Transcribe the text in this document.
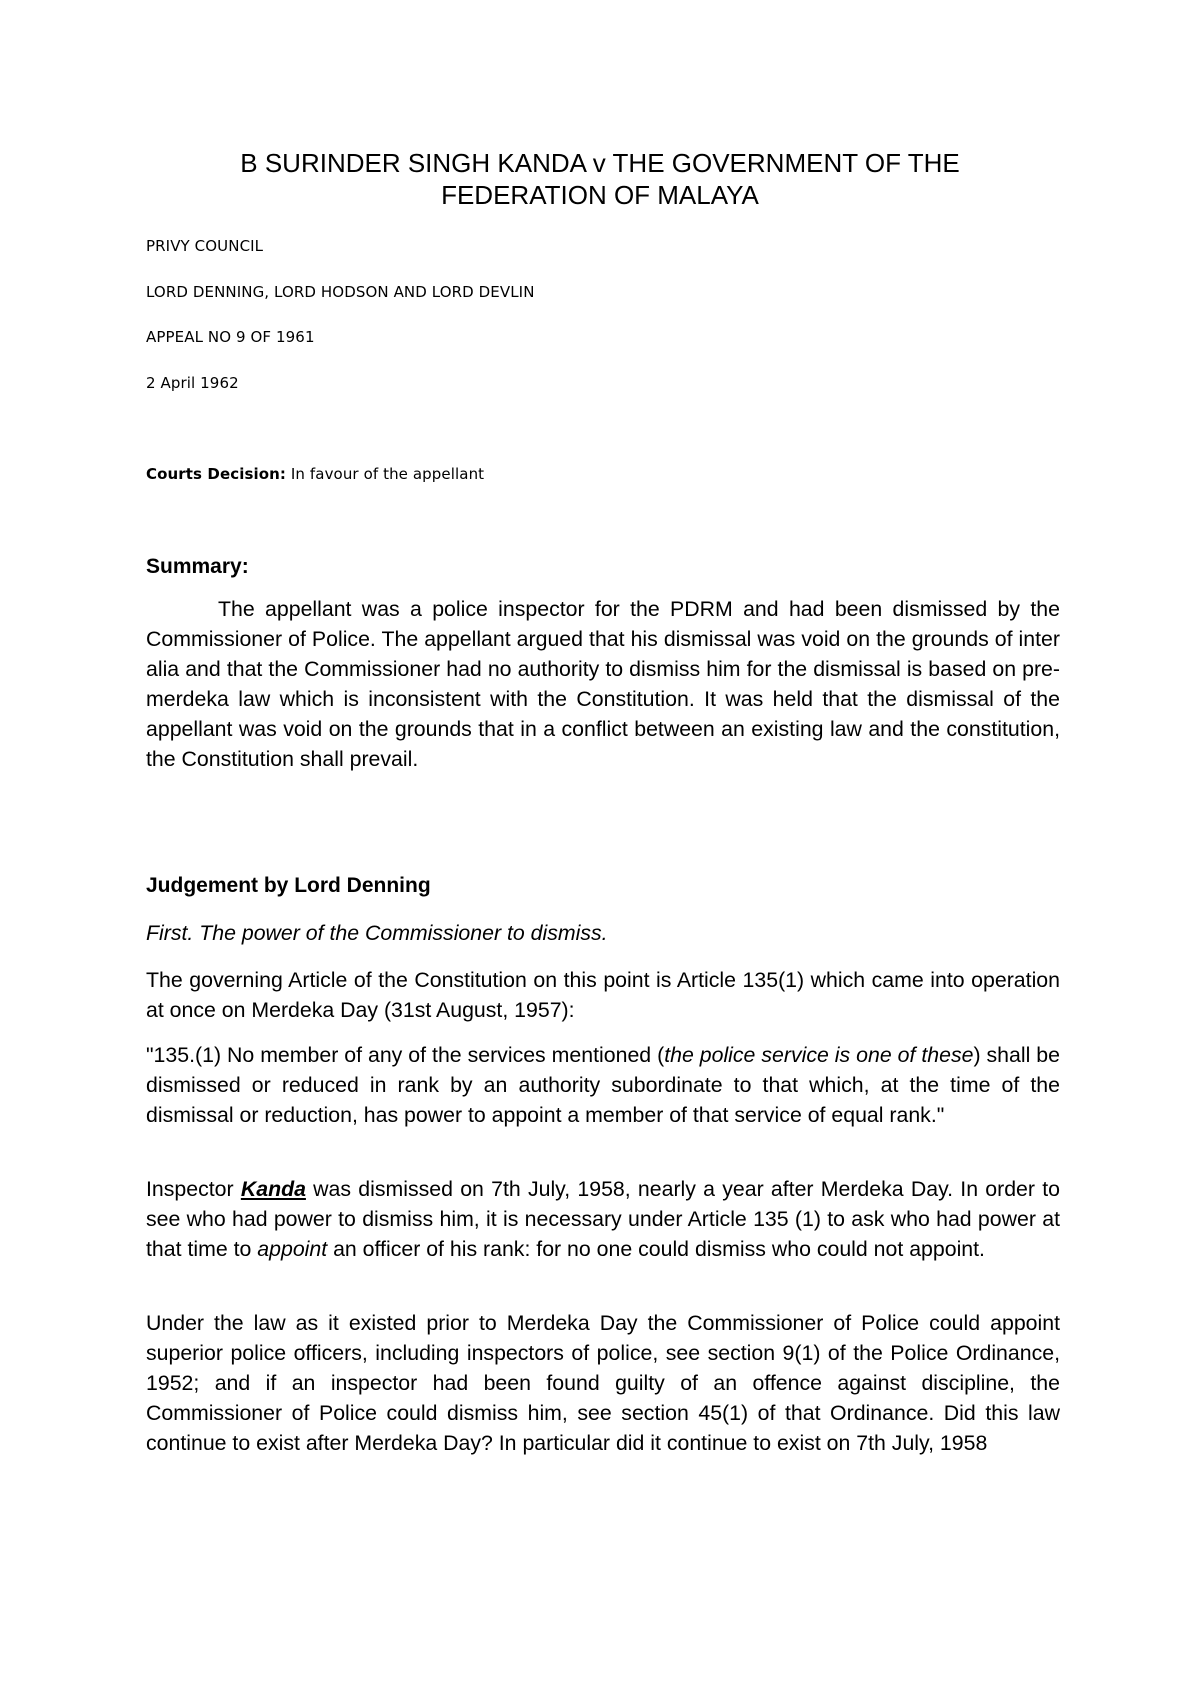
B SURINDER SINGH KANDA v THE GOVERNMENT OF THE
FEDERATION OF MALAYA
PRIVY COUNCIL
LORD DENNING, LORD HODSON AND LORD DEVLIN
APPEAL NO 9 OF 1961
2 April 1962
Courts Decision: In favour of the appellant
Summary:
The appellant was a police inspector for the PDRM and had been dismissed by the Commissioner of Police. The appellant argued that his dismissal was void on the grounds of inter alia and that the Commissioner had no authority to dismiss him for the dismissal is based on pre-merdeka law which is inconsistent with the Constitution. It was held that the dismissal of the appellant was void on the grounds that in a conflict between an existing law and the constitution, the Constitution shall prevail.
Judgement by Lord Denning
First. The power of the Commissioner to dismiss.
The governing Article of the Constitution on this point is Article 135(1) which came into operation at once on Merdeka Day (31st August, 1957):
"135.(1) No member of any of the services mentioned (the police service is one of these) shall be dismissed or reduced in rank by an authority subordinate to that which, at the time of the dismissal or reduction, has power to appoint a member of that service of equal rank."
Inspector Kanda was dismissed on 7th July, 1958, nearly a year after Merdeka Day. In order to see who had power to dismiss him, it is necessary under Article 135 (1) to ask who had power at that time to appoint an officer of his rank: for no one could dismiss who could not appoint.
Under the law as it existed prior to Merdeka Day the Commissioner of Police could appoint superior police officers, including inspectors of police, see section 9(1) of the Police Ordinance, 1952; and if an inspector had been found guilty of an offence against discipline, the Commissioner of Police could dismiss him, see section 45(1) of that Ordinance. Did this law continue to exist after Merdeka Day? In particular did it continue to exist on 7th July, 1958
